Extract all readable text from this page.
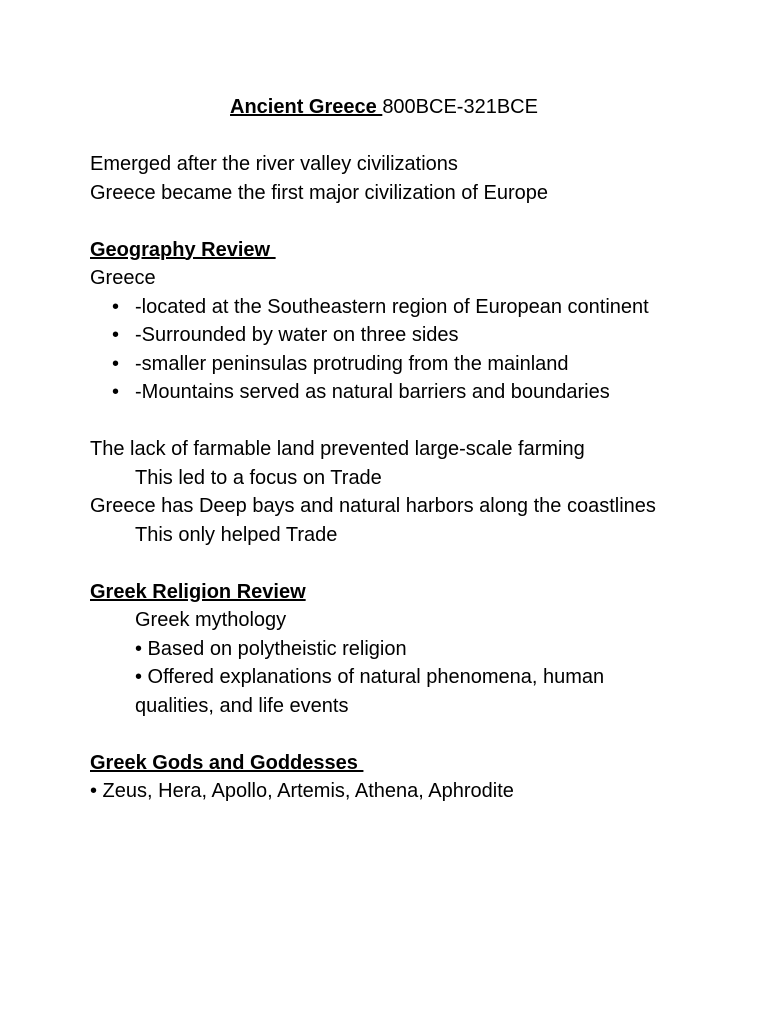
Ancient Greece 800BCE-321BCE
Emerged after the river valley civilizations
Greece became the first major civilization of Europe
Geography Review
Greece
• -located at the Southeastern region of European continent
• -Surrounded by water on three sides
• -smaller peninsulas protruding from the mainland
• -Mountains served as natural barriers and boundaries
The lack of farmable land prevented large-scale farming
This led to a focus on Trade
Greece has Deep bays and natural harbors along the coastlines
This only helped Trade
Greek Religion Review
Greek mythology
• Based on polytheistic religion
• Offered explanations of natural phenomena, human
qualities, and life events
Greek Gods and Goddesses
• Zeus, Hera, Apollo, Artemis, Athena, Aphrodite
